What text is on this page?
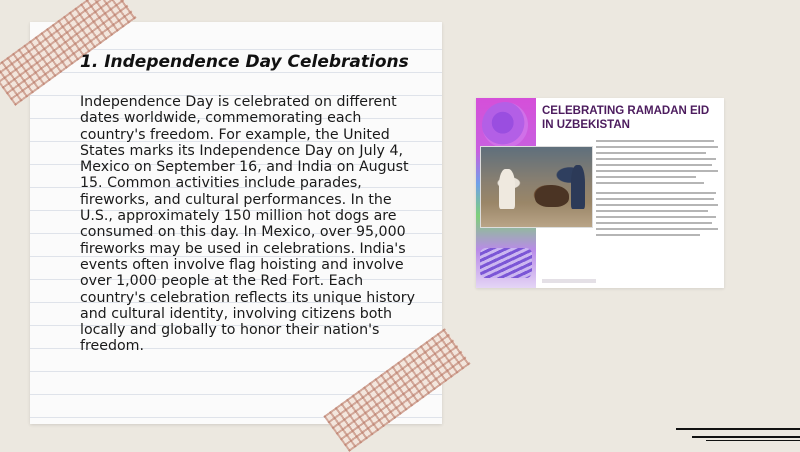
1. Independence Day Celebrations

Independence Day is celebrated on different dates worldwide, commemorating each country's freedom. For example, the United States marks its Independence Day on July 4, Mexico on September 16, and India on August 15. Common activities include parades, fireworks, and cultural performances. In the U.S., approximately 150 million hot dogs are consumed on this day. In Mexico, over 95,000 fireworks may be used in celebrations. India's events often involve flag hoisting and involve over 1,000 people at the Red Fort. Each country's celebration reflects its unique history and cultural identity, involving citizens both locally and globally to honor their nation's freedom.

CELEBRATING RAMADAN EID IN UZBEKISTAN
